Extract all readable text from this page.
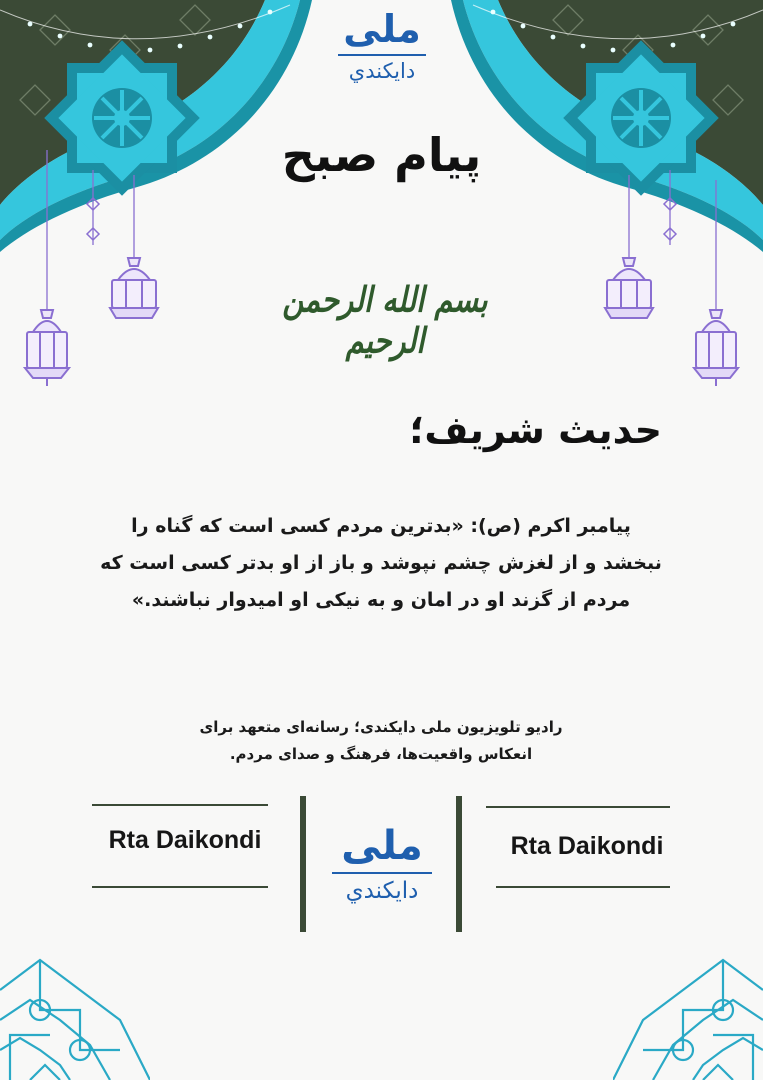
ملی
دایکندي
پیام صبح
بسم الله الرحمن الرحیم
حدیث شریف؛
پیامبر اکرم (ص): «بدترین مردم کسی است که گناه را نبخشد و از لغزش چشم نپوشد و باز از او بدتر کسی است که مردم از گزند او در امان و به نیکی او امیدوار نباشند.»
رادیو تلویزیون ملی دایکندی؛ رسانه‌ای متعهد برای
انعکاس واقعیت‌ها، فرهنگ و صدای مردم.
Rta Daikondi	ملی
دایکندي
Rta Daikondi
